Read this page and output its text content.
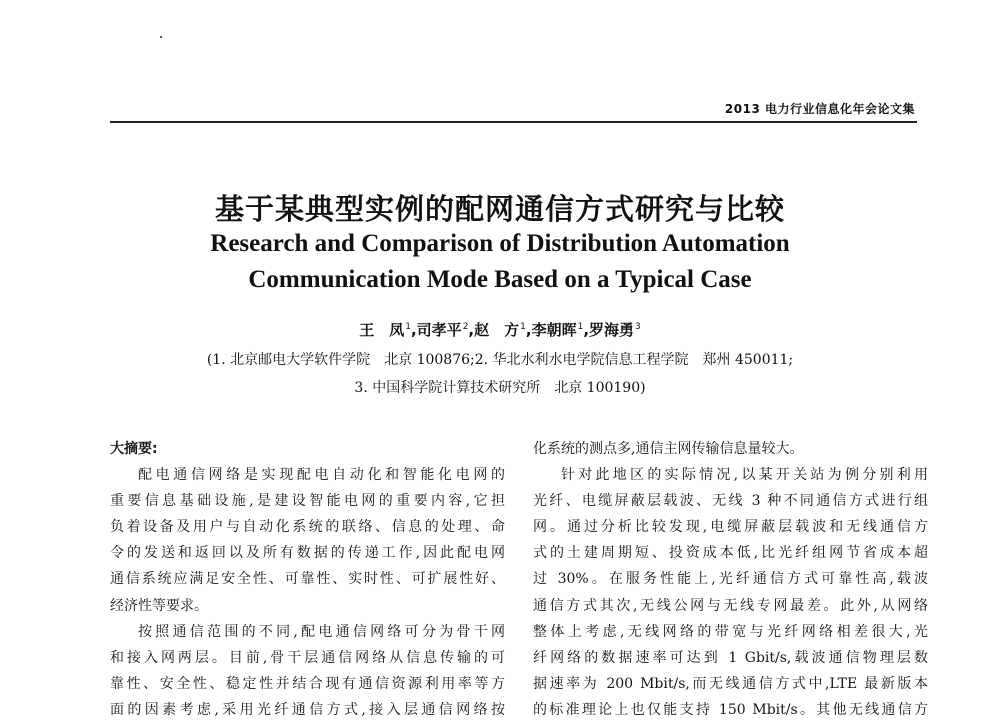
2013 电力行业信息化年会论文集
基于某典型实例的配网通信方式研究与比较
Research and Comparison of Distribution Automation
Communication Mode Based on a Typical Case
王　凤$^1$,司孝平$^2$,赵　方$^1$,李朝晖$^1$,罗海勇$^3$
(1. 北京邮电大学软件学院　北京 100876;2. 华北水利水电学院信息工程学院　郑州 450011;
3. 中国科学院计算技术研究所　北京 100190)
大摘要:
配电通信网络是实现配电自动化和智能化电网的
重要信息基础设施,是建设智能电网的重要内容,它担
负着设备及用户与自动化系统的联络、信息的处理、命
令的发送和返回以及所有数据的传递工作,因此配电网
通信系统应满足安全性、可靠性、实时性、可扩展性好、
经济性等要求。
按照通信范围的不同,配电通信网络可分为骨干网
和接入网两层。目前,骨干层通信网络从信息传输的可
靠性、安全性、稳定性并结合现有通信资源利用率等方
面的因素考虑,采用光纤通信方式,接入层通信网络按
化系统的测点多,通信主网传输信息量较大。
针对此地区的实际情况,以某开关站为例分别利用
光纤、电缆屏蔽层载波、无线 3 种不同通信方式进行组
网。通过分析比较发现,电缆屏蔽层载波和无线通信方
式的土建周期短、投资成本低,比光纤组网节省成本超
过 30%。在服务性能上,光纤通信方式可靠性高,载波
通信方式其次,无线公网与无线专网最差。此外,从网络
整体上考虑,无线网络的带宽与光纤网络相差很大,光
纤网络的数据速率可达到 1 Gbit/s,载波通信物理层数
据速率为 200 Mbit/s,而无线通信方式中,LTE 最新版本
的标准理论上也仅能支持 150 Mbit/s。其他无线通信方
